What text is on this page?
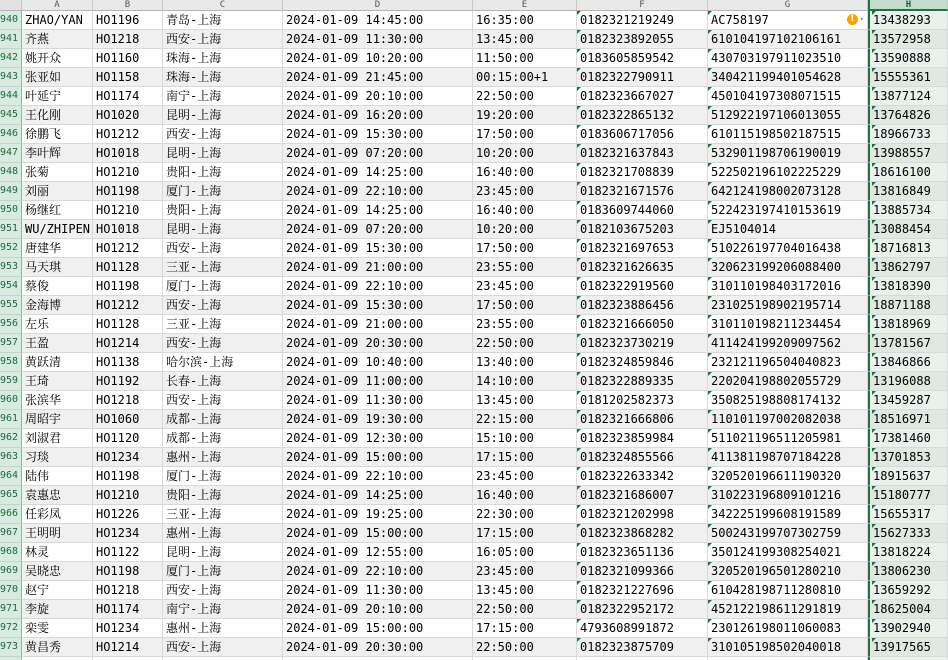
A	B	C	D	E	F	G	H
940 ZHAO/YAN	HO1196	青岛-上海	2024-01-09 14:45:00	16:35:00	0182321219249	AC758197	! ▾ 13438293
941 齐燕	HO1218	西安-上海	2024-01-09 11:30:00	13:45:00	0182323892055	610104197102106161	13572958
942 姚开众	HO1160	珠海-上海	2024-01-09 10:20:00	11:50:00	0183605859542	430703197911023510	13590888
943 张亚如	HO1158	珠海-上海	2024-01-09 21:45:00	00:15:00+1	0182322790911	340421199401054628	15555361
944 叶延宁	HO1174	南宁-上海	2024-01-09 20:10:00	22:50:00	0182323667027	450104197308071515	13877124
945 王化刚	HO1020	昆明-上海	2024-01-09 16:20:00	19:20:00	0182322865132	512922197106013055	13764826
946 徐鹏飞	HO1212	西安-上海	2024-01-09 15:30:00	17:50:00	0183606717056	610115198502187515	18966733
947 李叶辉	HO1018	昆明-上海	2024-01-09 07:20:00	10:20:00	0182321637843	532901198706190019	13988557
948 张菊	HO1210	贵阳-上海	2024-01-09 14:25:00	16:40:00	0182321708839	522502196102225229	18616100
949 刘丽	HO1198	厦门-上海	2024-01-09 22:10:00	23:45:00	0182321671576	642124198002073128	13816849
950 杨继红	HO1210	贵阳-上海	2024-01-09 14:25:00	16:40:00	0183609744060	522423197410153619	13885734
951 WU/ZHIPEN HO1018	昆明-上海	2024-01-09 07:20:00	10:20:00	0182103675203	EJ5104014	13088454
952 唐建华	HO1212	西安-上海	2024-01-09 15:30:00	17:50:00	0182321697653	510226197704016438	18716813
953 马天琪	HO1128	三亚-上海	2024-01-09 21:00:00	23:55:00	0182321626635	320623199206088400	13862797
954 蔡俊	HO1198	厦门-上海	2024-01-09 22:10:00	23:45:00	0182322919560	310110198403172016	13818390
955 金海博	HO1212	西安-上海	2024-01-09 15:30:00	17:50:00	0182323886456	231025198902195714	18871188
956 左乐	HO1128	三亚-上海	2024-01-09 21:00:00	23:55:00	0182321666050	310110198211234454	13818969
957 王盈	HO1214	西安-上海	2024-01-09 20:30:00	22:50:00	0182323730219	411424199209097562	13781567
958 黄跃清	HO1138	哈尔滨-上海	2024-01-09 10:40:00	13:40:00	0182324859846	232121196504040823	13846866
959 王琦	HO1192	长春-上海	2024-01-09 11:00:00	14:10:00	0182322889335	220204198802055729	13196088
960 张滨华	HO1218	西安-上海	2024-01-09 11:30:00	13:45:00	0181202582373	350825198808174132	13459287
961 周昭宇	HO1060	成都-上海	2024-01-09 19:30:00	22:15:00	0182321666806	110101197002082038	18516971
962 刘淑君	HO1120	成都-上海	2024-01-09 12:30:00	15:10:00	0182323859984	511021196511205981	17381460
963 习琰	HO1234	惠州-上海	2024-01-09 15:00:00	17:15:00	0182324855566	411381198707184228	13701853
964 陆伟	HO1198	厦门-上海	2024-01-09 22:10:00	23:45:00	0182322633342	320520196611190320	18915637
965 袁惠忠	HO1210	贵阳-上海	2024-01-09 14:25:00	16:40:00	0182321686007	310223196809101216	15180777
966 任彩凤	HO1226	三亚-上海	2024-01-09 19:25:00	22:30:00	0182321202998	342225199608191589	15655317
967 王明明	HO1234	惠州-上海	2024-01-09 15:00:00	17:15:00	0182323868282	500243199707302759	15627333
968 林灵	HO1122	昆明-上海	2024-01-09 12:55:00	16:05:00	0182323651136	350124199308254021	13818224
969 吴晓忠	HO1198	厦门-上海	2024-01-09 22:10:00	23:45:00	0182321099366	320520196501280210	13806230
970 赵宁	HO1218	西安-上海	2024-01-09 11:30:00	13:45:00	0182321227696	610428198711280810	13659292
971 李旋	HO1174	南宁-上海	2024-01-09 20:10:00	22:50:00	0182322952172	452122198611291819	18625004
972 栾雯	HO1234	惠州-上海	2024-01-09 15:00:00	17:15:00	4793608991872	230126198011060083	13902940
973 黄昌秀	HO1214	西安-上海	2024-01-09 20:30:00	22:50:00	0182323875709	310105198502040018	13917565
